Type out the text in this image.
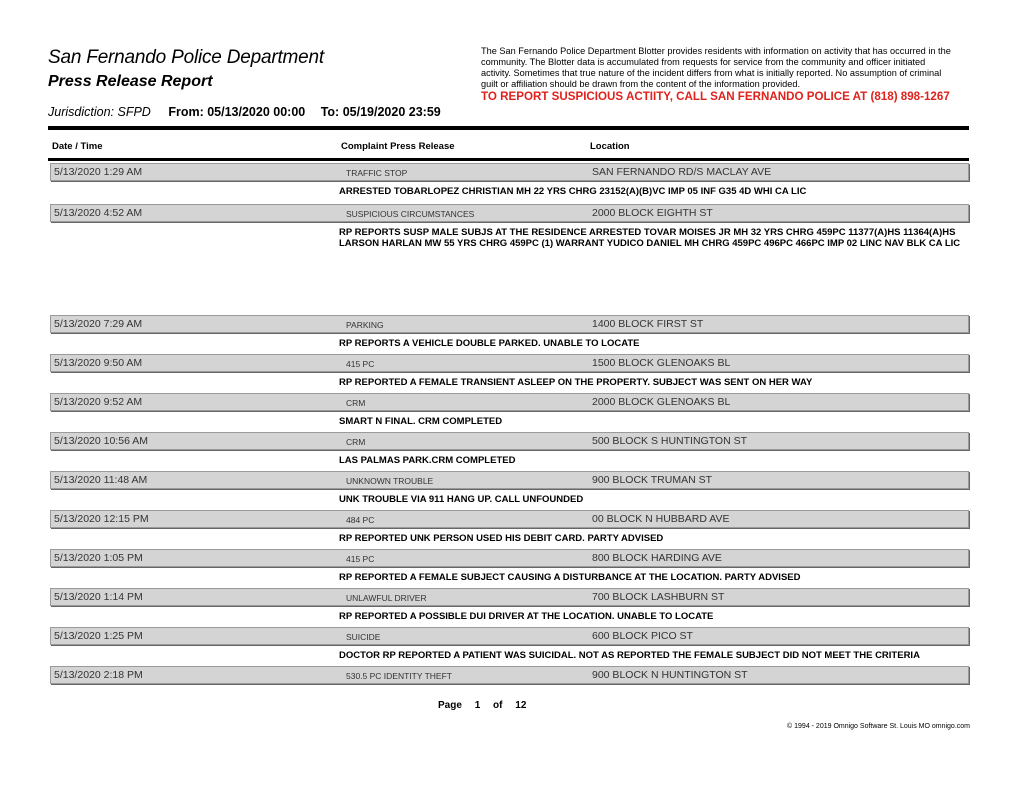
San Fernando Police Department
Press Release Report
Jurisdiction: SFPD From: 05/13/2020 00:00 To: 05/19/2020 23:59
The San Fernando Police Department Blotter provides residents with information on activity that has occurred in the community. The Blotter data is accumulated from requests for service from the community and officer initiated activity. Sometimes that true nature of the incident differs from what is initially reported. No assumption of criminal guilt or affiliation should be drawn from the content of the information provided.
TO REPORT SUSPICIOUS ACTIITY, CALL SAN FERNANDO POLICE AT (818) 898-1267
Date / Time	Complaint Press Release	Location
5/13/2020 1:29 AM	TRAFFIC STOP	SAN FERNANDO RD/S MACLAY AVE
ARRESTED TOBARLOPEZ CHRISTIAN MH 22 YRS CHRG 23152(A)(B)VC IMP 05 INF G35 4D WHI CA LIC
5/13/2020 4:52 AM	SUSPICIOUS CIRCUMSTANCES	2000 BLOCK EIGHTH ST
RP REPORTS SUSP MALE SUBJS AT THE RESIDENCE ARRESTED TOVAR MOISES JR MH 32 YRS CHRG 459PC 11377(A)HS 11364(A)HS LARSON HARLAN MW 55 YRS CHRG 459PC (1) WARRANT YUDICO DANIEL MH CHRG 459PC 496PC 466PC IMP 02 LINC NAV BLK CA LIC
5/13/2020 7:29 AM	PARKING	1400 BLOCK FIRST ST
RP REPORTS A VEHICLE DOUBLE PARKED. UNABLE TO LOCATE
5/13/2020 9:50 AM	415 PC	1500 BLOCK GLENOAKS BL
RP REPORTED A FEMALE TRANSIENT ASLEEP ON THE PROPERTY. SUBJECT WAS SENT ON HER WAY
5/13/2020 9:52 AM	CRM	2000 BLOCK GLENOAKS BL
SMART N FINAL. CRM COMPLETED
5/13/2020 10:56 AM	CRM	500 BLOCK S HUNTINGTON ST
LAS PALMAS PARK.CRM COMPLETED
5/13/2020 11:48 AM	UNKNOWN TROUBLE	900 BLOCK TRUMAN ST
UNK TROUBLE VIA 911 HANG UP. CALL UNFOUNDED
5/13/2020 12:15 PM	484 PC	00 BLOCK N HUBBARD AVE
RP REPORTED UNK PERSON USED HIS DEBIT CARD. PARTY ADVISED
5/13/2020 1:05 PM	415 PC	800 BLOCK HARDING AVE
RP REPORTED A FEMALE SUBJECT CAUSING A DISTURBANCE AT THE LOCATION. PARTY ADVISED
5/13/2020 1:14 PM	UNLAWFUL DRIVER	700 BLOCK LASHBURN ST
RP REPORTED A POSSIBLE DUI DRIVER AT THE LOCATION. UNABLE TO LOCATE
5/13/2020 1:25 PM	SUICIDE	600 BLOCK PICO ST
DOCTOR RP REPORTED A PATIENT WAS SUICIDAL. NOT AS REPORTED THE FEMALE SUBJECT DID NOT MEET THE CRITERIA
5/13/2020 2:18 PM	530.5 PC IDENTITY THEFT	900 BLOCK N HUNTINGTON ST
Page 1 of 12
© 1994 - 2019 Omnigo Software St. Louis MO omnigo.com
